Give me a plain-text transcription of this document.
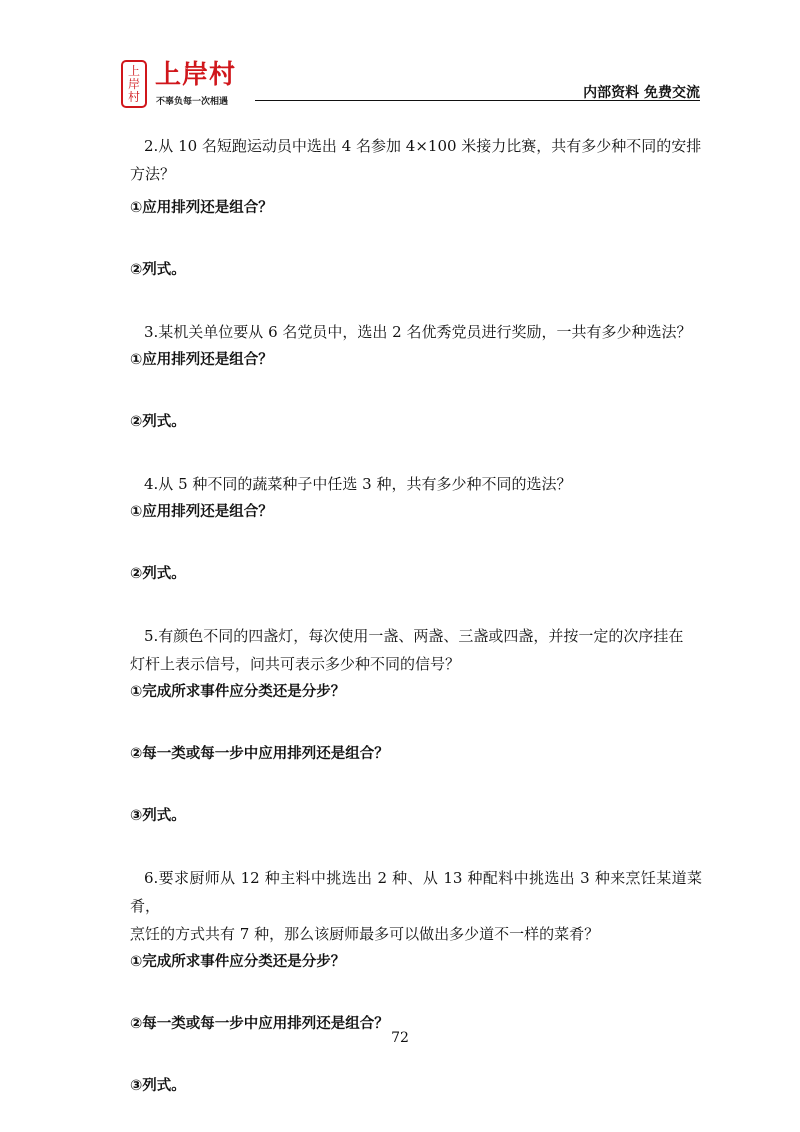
上
岸
村
上岸村
不辜负每一次相遇
内部资料 免费交流

2.从 10 名短跑运动员中选出 4 名参加 4×100 米接力比赛，共有多少种不同的安排

方法？

①应用排列还是组合？

②列式。

3.某机关单位要从 6 名党员中，选出 2 名优秀党员进行奖励，一共有多少种选法？

①应用排列还是组合？

②列式。

4.从 5 种不同的蔬菜种子中任选 3 种，共有多少种不同的选法？

①应用排列还是组合？

②列式。

5.有颜色不同的四盏灯，每次使用一盏、两盏、三盏或四盏，并按一定的次序挂在

灯杆上表示信号，问共可表示多少种不同的信号？

①完成所求事件应分类还是分步？

②每一类或每一步中应用排列还是组合？

③列式。

6.要求厨师从 12 种主料中挑选出 2 种、从 13 种配料中挑选出 3 种来烹饪某道菜肴，

烹饪的方式共有 7 种，那么该厨师最多可以做出多少道不一样的菜肴？

①完成所求事件应分类还是分步？

②每一类或每一步中应用排列还是组合？

③列式。

72
